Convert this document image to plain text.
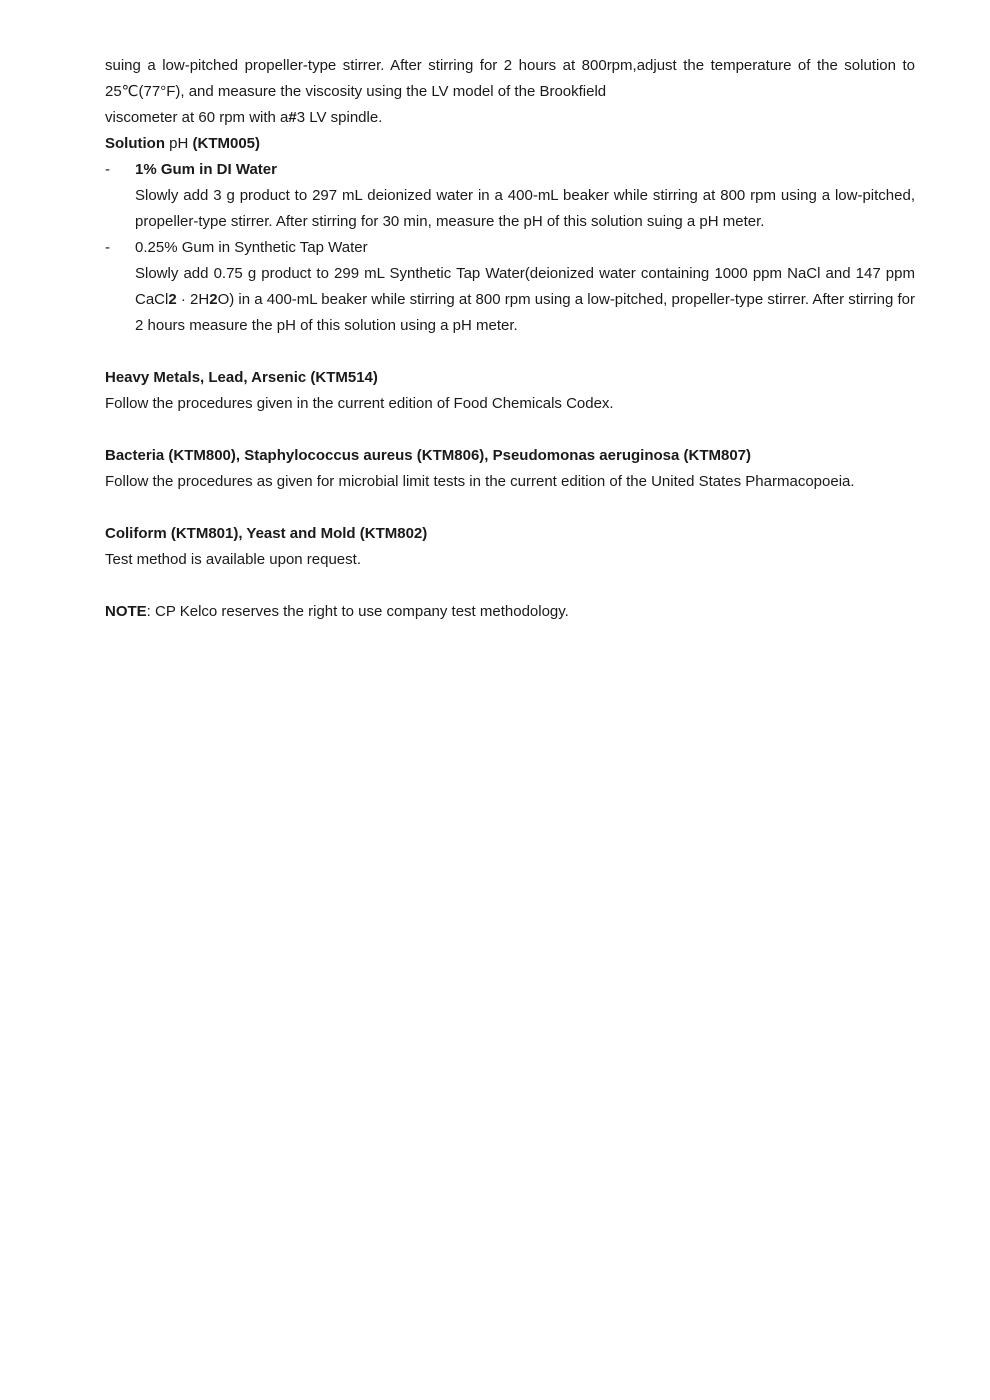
suing a low-pitched propeller-type stirrer. After stirring for 2 hours at 800rpm,adjust the temperature of the solution to

25℃(77°F), and measure the viscosity using the LV model of the Brookfield

viscometer at 60 rpm with a#3 LV spindle.

Solution pH (KTM005)

-	1% Gum in DI Water
Slowly add 3 g product to 297 mL deionized water in a 400-mL beaker while stirring at 800 rpm using a low-pitched, propeller-type stirrer. After stirring for 30 min, measure the pH of this solution suing a pH meter.
-	0.25% Gum in Synthetic Tap Water
Slowly add 0.75 g product to 299 mL Synthetic Tap Water(deionized water containing 1000 ppm NaCl and 147 ppm CaCl2 · 2H2O) in a 400-mL beaker while stirring at 800 rpm using a low-pitched, propeller-type stirrer. After stirring for 2 hours measure the pH of this solution using a pH meter.

Heavy Metals, Lead, Arsenic (KTM514)

Follow the procedures given in the current edition of Food Chemicals Codex.

Bacteria (KTM800), Staphylococcus aureus (KTM806), Pseudomonas aeruginosa (KTM807)

Follow the procedures as given for microbial limit tests in the current edition of the United States Pharmacopoeia.

Coliform (KTM801), Yeast and Mold (KTM802)

Test method is available upon request.

NOTE: CP Kelco reserves the right to use company test methodology.
